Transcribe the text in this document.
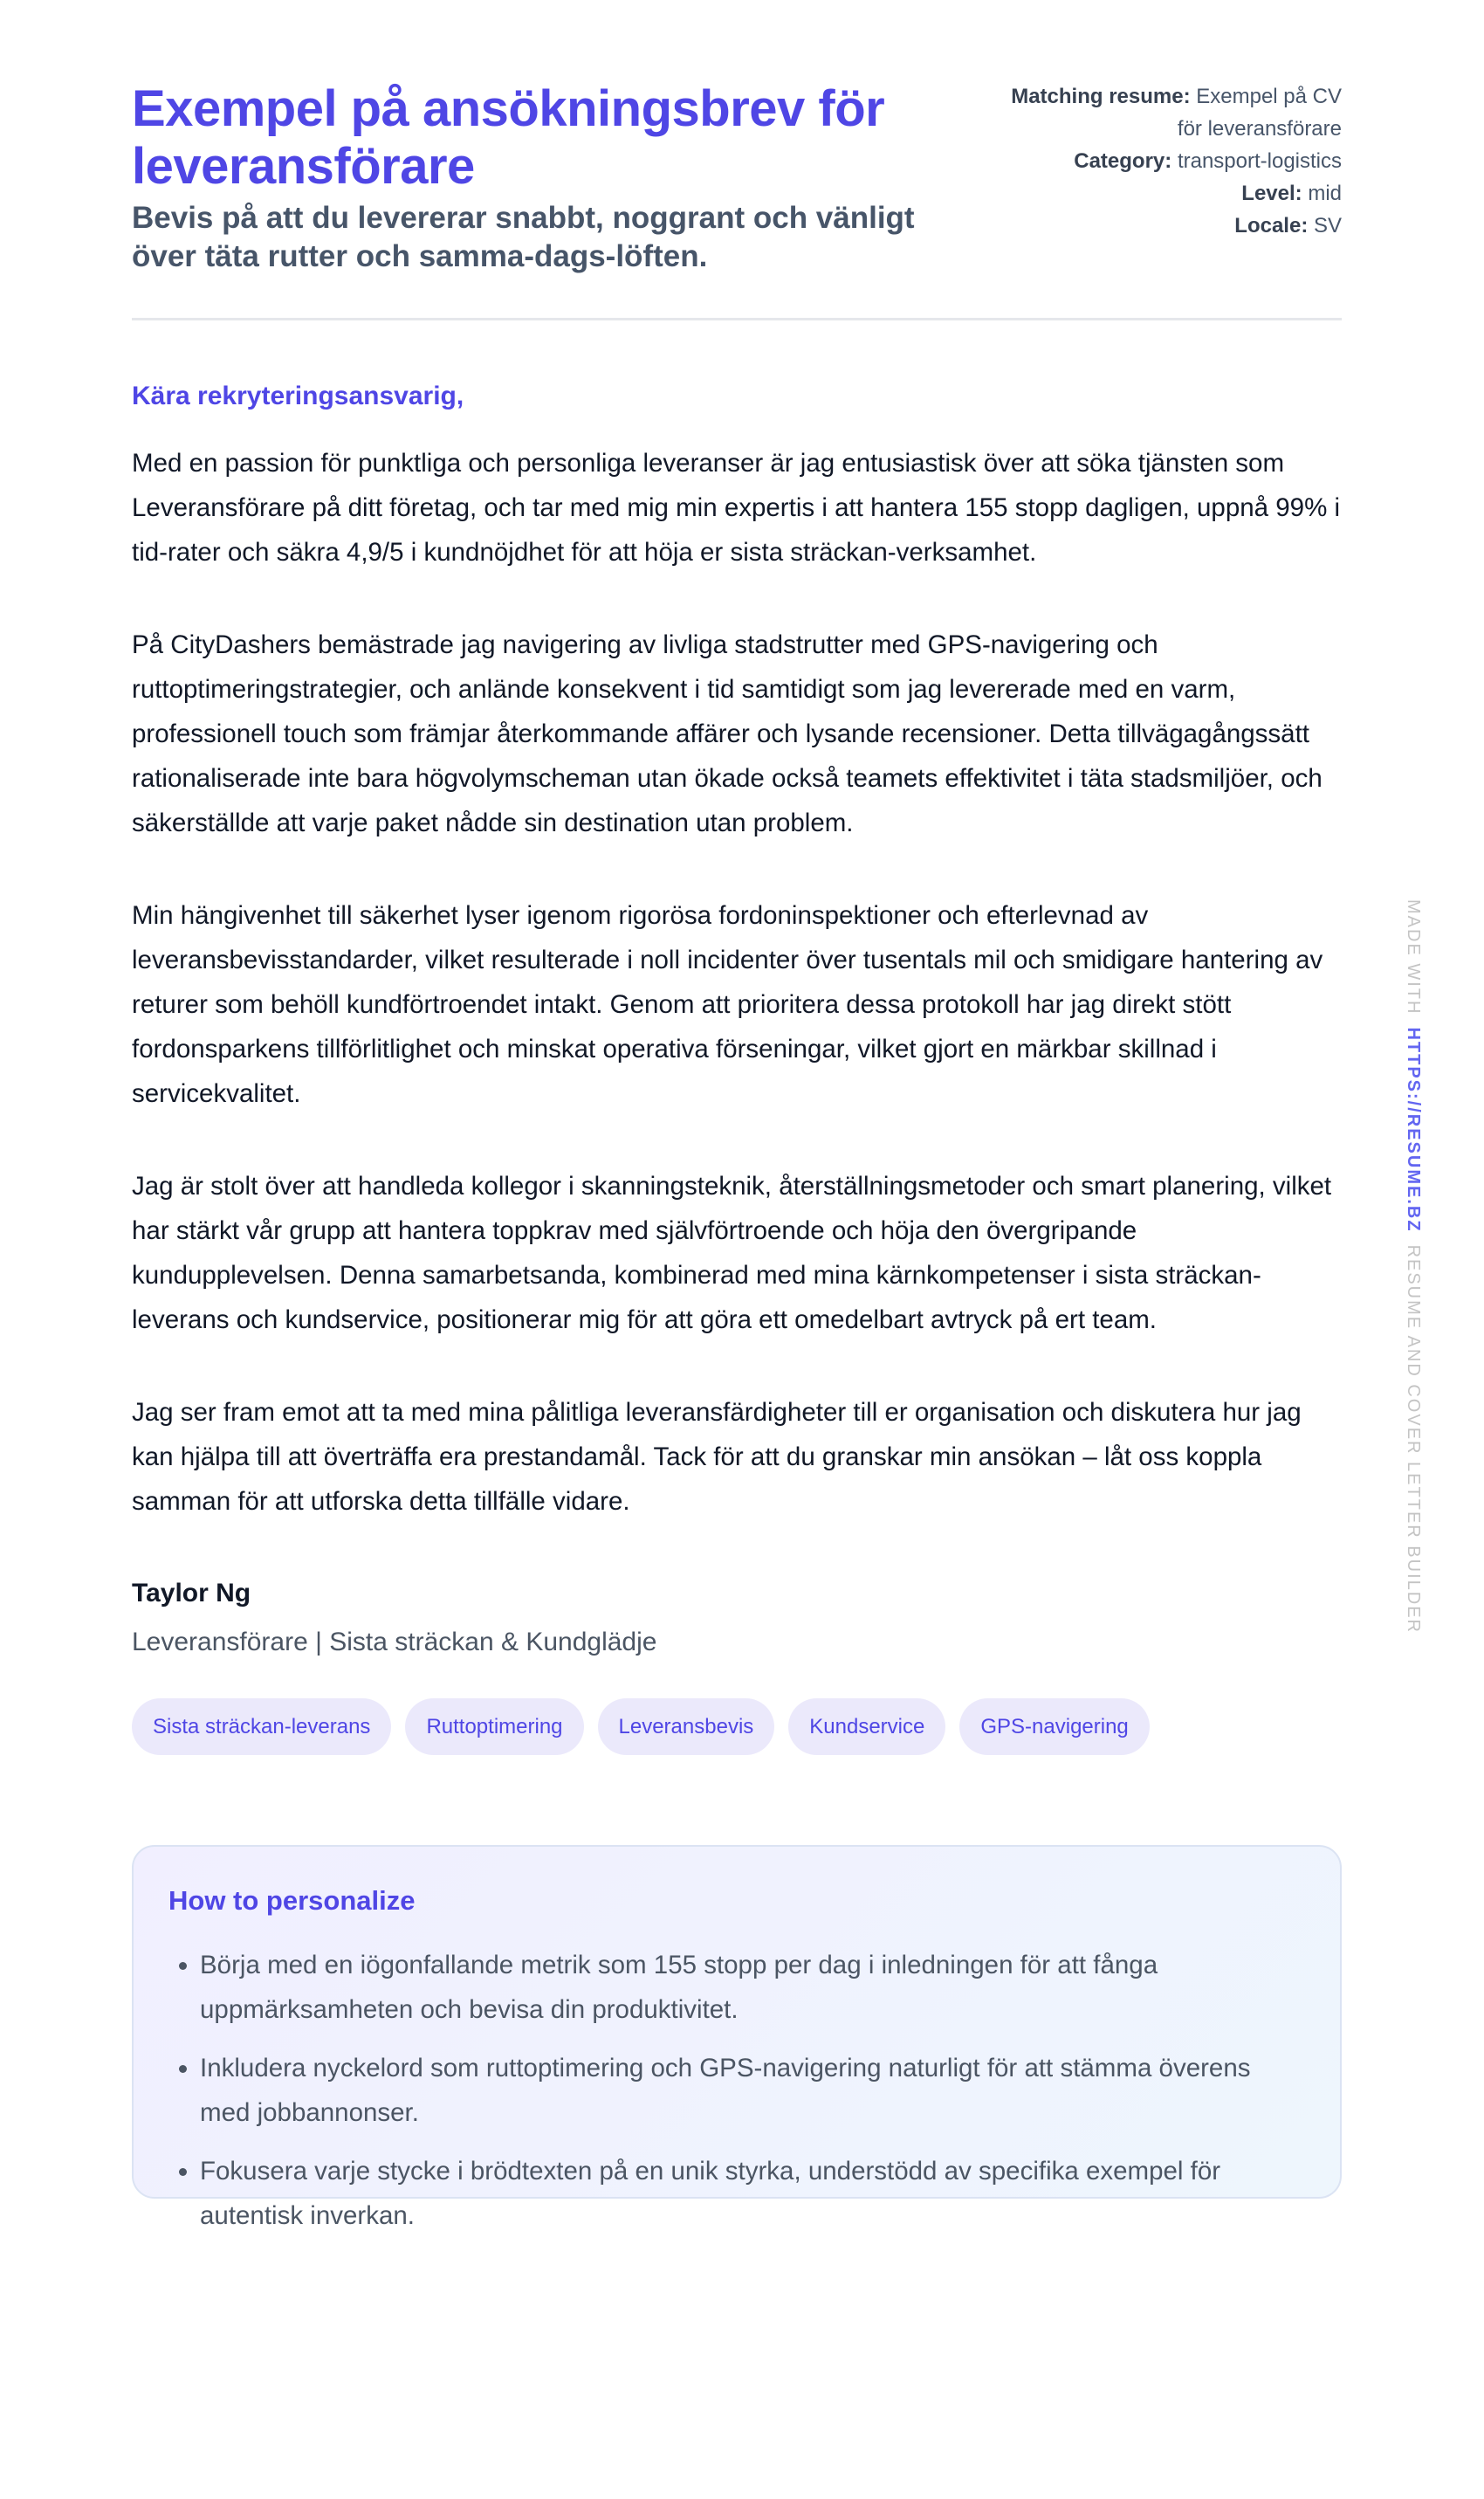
Exempel på ansökningsbrev för leveransförare

Bevis på att du levererar snabbt, noggrant och vänligt över täta rutter och samma-dags-löften.

Matching resume: Exempel på CV för leveransförare
Category: transport-logistics
Level: mid
Locale: SV
Kära rekryteringsansvarig,

Med en passion för punktliga och personliga leveranser är jag entusiastisk över att söka tjänsten som Leveransförare på ditt företag, och tar med mig min expertis i att hantera 155 stopp dagligen, uppnå 99% i tid-rater och säkra 4,9/5 i kundnöjdhet för att höja er sista sträckan-verksamhet.

På CityDashers bemästrade jag navigering av livliga stadstrutter med GPS-navigering och ruttoptimeringstrategier, och anlände konsekvent i tid samtidigt som jag levererade med en varm, professionell touch som främjar återkommande affärer och lysande recensioner. Detta tillvägagångssätt rationaliserade inte bara högvolymscheman utan ökade också teamets effektivitet i täta stadsmiljöer, och säkerställde att varje paket nådde sin destination utan problem.

Min hängivenhet till säkerhet lyser igenom rigorösa fordoninspektioner och efterlevnad av leveransbevisstandarder, vilket resulterade i noll incidenter över tusentals mil och smidigare hantering av returer som behöll kundförtroendet intakt. Genom att prioritera dessa protokoll har jag direkt stött fordonsparkens tillförlitlighet och minskat operativa förseningar, vilket gjort en märkbar skillnad i servicekvalitet.

Jag är stolt över att handleda kollegor i skanningsteknik, återställningsmetoder och smart planering, vilket har stärkt vår grupp att hantera toppkrav med självförtroende och höja den övergripande kundupplevelsen. Denna samarbetsanda, kombinerad med mina kärnkompetenser i sista sträckan-leverans och kundservice, positionerar mig för att göra ett omedelbart avtryck på ert team.

Jag ser fram emot att ta med mina pålitliga leveransfärdigheter till er organisation och diskutera hur jag kan hjälpa till att överträffa era prestandamål. Tack för att du granskar min ansökan – låt oss koppla samman för att utforska detta tillfälle vidare.

Taylor Ng
Leveransförare | Sista sträckan & Kundglädje
Sista sträckan-leverans	Ruttoptimering	Leveransbevis	Kundservice	GPS-navigering
How to personalize
• Börja med en iögonfallande metrik som 155 stopp per dag i inledningen för att fånga uppmärksamheten och bevisa din produktivitet.
• Inkludera nyckelord som ruttoptimering och GPS-navigering naturligt för att stämma överens med jobbannonser.
• Fokusera varje stycke i brödtexten på en unik styrka, understödd av specifika exempel för autentisk inverkan.
MADE WITHHTTPS://RESUME.BZRESUME AND COVER LETTER BUILDER
